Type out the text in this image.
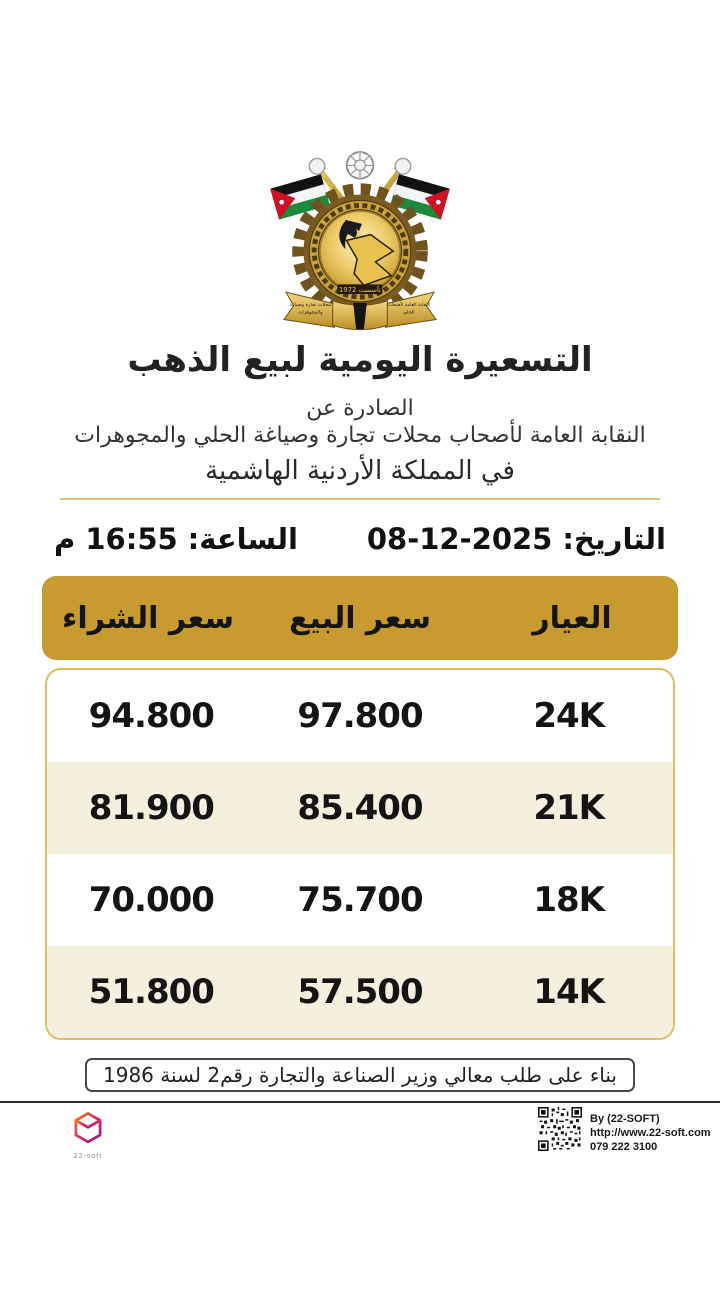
تأسست 1972
النقابة العامة لأصحاب
الحلي
محلات تجارة وصياغة
والمجوهرات
التسعيرة اليومية لبيع الذهب
الصادرة عن
النقابة العامة لأصحاب محلات تجارة وصياغة الحلي والمجوهرات
في المملكة الأردنية الهاشمية
التاريخ:
08-12-2025
الساعة:
16:55 م
العيار
سعر البيع
سعر الشراء
24K
97.800
94.800
21K
85.400
81.900
18K
75.700
70.000
14K
57.500
51.800
بناء على طلب معالي وزير الصناعة والتجارة رقم2 لسنة 1986
22-soft
By (22-SOFT)
http://www.22-soft.com
079 222 3100
